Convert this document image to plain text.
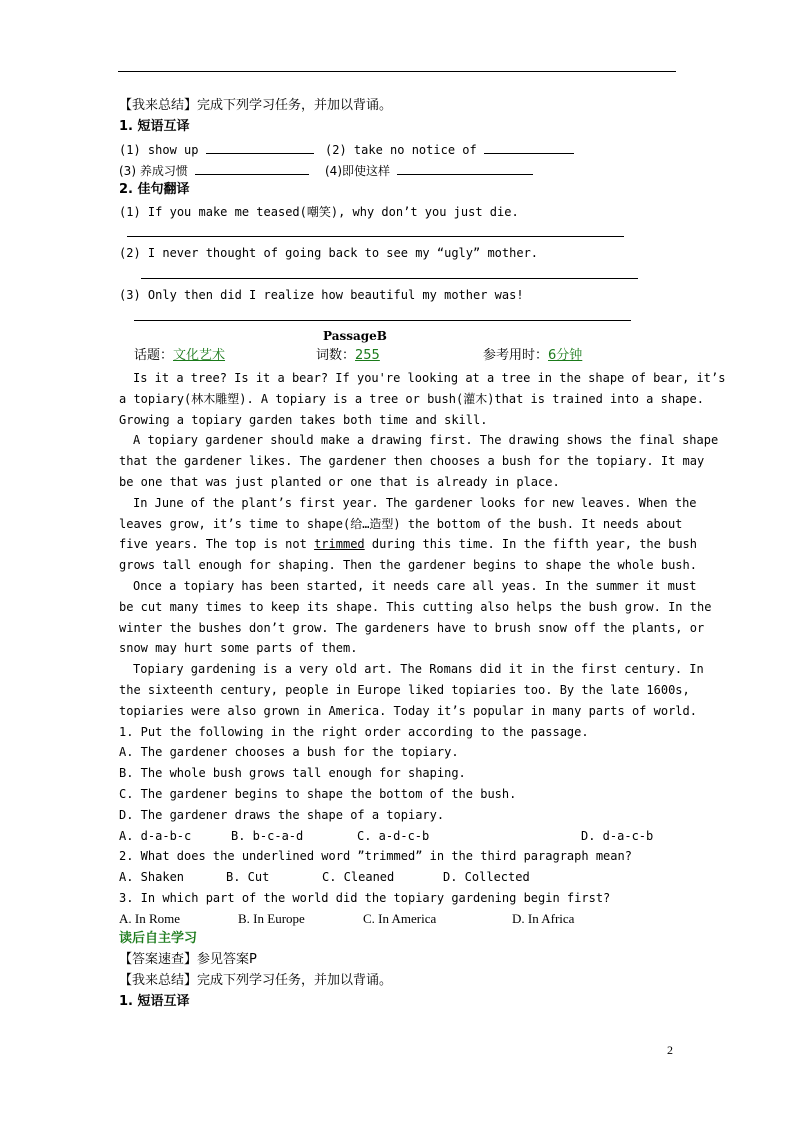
【我来总结】完成下列学习任务，并加以背诵。
1. 短语互译
(1) show up	(2) take no notice of
(3) 养成习惯	(4)即使这样
2. 佳句翻译
(1) If you make me teased(嘲笑), why don’t you just die.
(2) I never thought of going back to see my “ugly” mother.
(3) Only then did I realize how beautiful my mother was!
PassageB
话题：文化艺术	词数：255	参考用时：6分钟
Is it a tree? Is it a bear? If you're looking at a tree in the shape of bear, it’s
a topiary(林木雕塑). A topiary is a tree or bush(灌木)that is trained into a shape.
Growing a topiary garden takes both time and skill.
A topiary gardener should make a drawing first. The drawing shows the final shape
that the gardener likes. The gardener then chooses a bush for the topiary. It may
be one that was just planted or one that is already in place.
In June of the plant’s first year. The gardener looks for new leaves. When the
leaves grow, it’s time to shape(给…造型) the bottom of the bush. It needs about
five years. The top is not trimmed during this time. In the fifth year, the bush
grows tall enough for shaping. Then the gardener begins to shape the whole bush.
Once a topiary has been started, it needs care all yeas. In the summer it must
be cut many times to keep its shape. This cutting also helps the bush grow. In the
winter the bushes don’t grow. The gardeners have to brush snow off the plants, or
snow may hurt some parts of them.
Topiary gardening is a very old art. The Romans did it in the first century. In
the sixteenth century, people in Europe liked topiaries too. By the late 1600s,
topiaries were also grown in America. Today it’s popular in many parts of world.
1. Put the following in the right order according to the passage.
A. The gardener chooses a bush for the topiary.
B. The whole bush grows tall enough for shaping.
C. The gardener begins to shape the bottom of the bush.
D. The gardener draws the shape of a topiary.
A. d-a-b-c	B. b-c-a-d	C. a-d-c-b	D. d-a-c-b
2. What does the underlined word ”trimmed” in the third paragraph mean?
A. Shaken	B. Cut	C. Cleaned	D. Collected
3. In which part of the world did the topiary gardening begin first?
A. In Rome	B. In Europe	C. In America	D. In Africa
读后自主学习
【答案速查】参见答案P
【我来总结】完成下列学习任务，并加以背诵。
1. 短语互译
2
